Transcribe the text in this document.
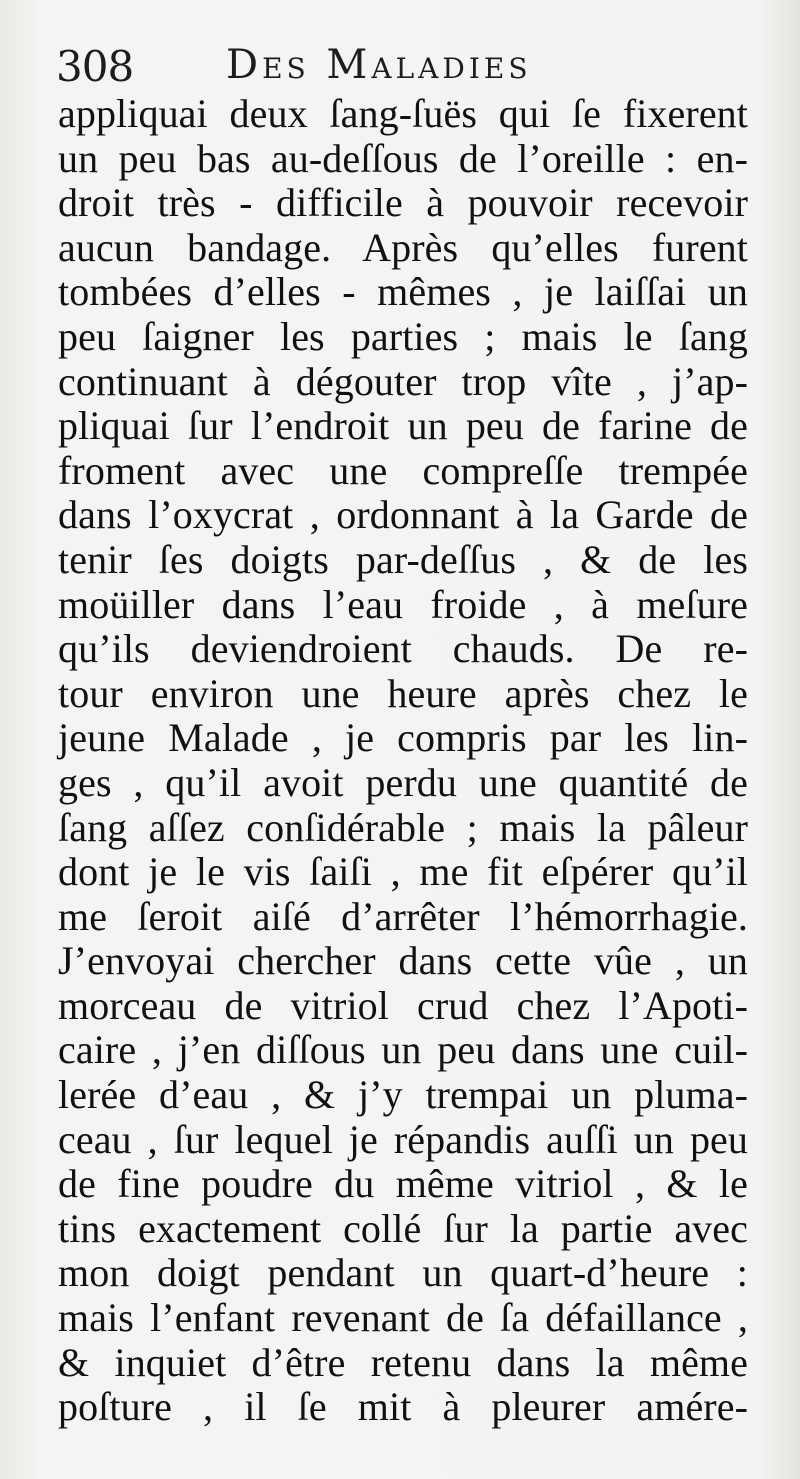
308 Des Maladies
appliquai deux ſang-ſuës qui ſe fixerent
un peu bas au-deſſous de l’oreille : en-
droit très - difficile à pouvoir recevoir
aucun bandage. Après qu’elles furent
tombées d’elles - mêmes , je laiſſai un
peu ſaigner les parties ; mais le ſang
continuant à dégouter trop vîte , j’ap-
pliquai ſur l’endroit un peu de farine de
froment avec une compreſſe trempée
dans l’oxycrat , ordonnant à la Garde de
tenir ſes doigts par-deſſus , & de les
moüiller dans l’eau froide , à meſure
qu’ils deviendroient chauds. De re-
tour environ une heure après chez le
jeune Malade , je compris par les lin-
ges , qu’il avoit perdu une quantité de
ſang aſſez conſidérable ; mais la pâleur
dont je le vis ſaiſi , me fit eſpérer qu’il
me ſeroit aiſé d’arrêter l’hémorrhagie.
J’envoyai chercher dans cette vûe , un
morceau de vitriol crud chez l’Apoti-
caire , j’en diſſous un peu dans une cuil-
lerée d’eau , & j’y trempai un pluma-
ceau , ſur lequel je répandis auſſi un peu
de fine poudre du même vitriol , & le
tins exactement collé ſur la partie avec
mon doigt pendant un quart-d’heure :
mais l’enfant revenant de ſa défaillance ,
& inquiet d’être retenu dans la même
poſture , il ſe mit à pleurer amére-
